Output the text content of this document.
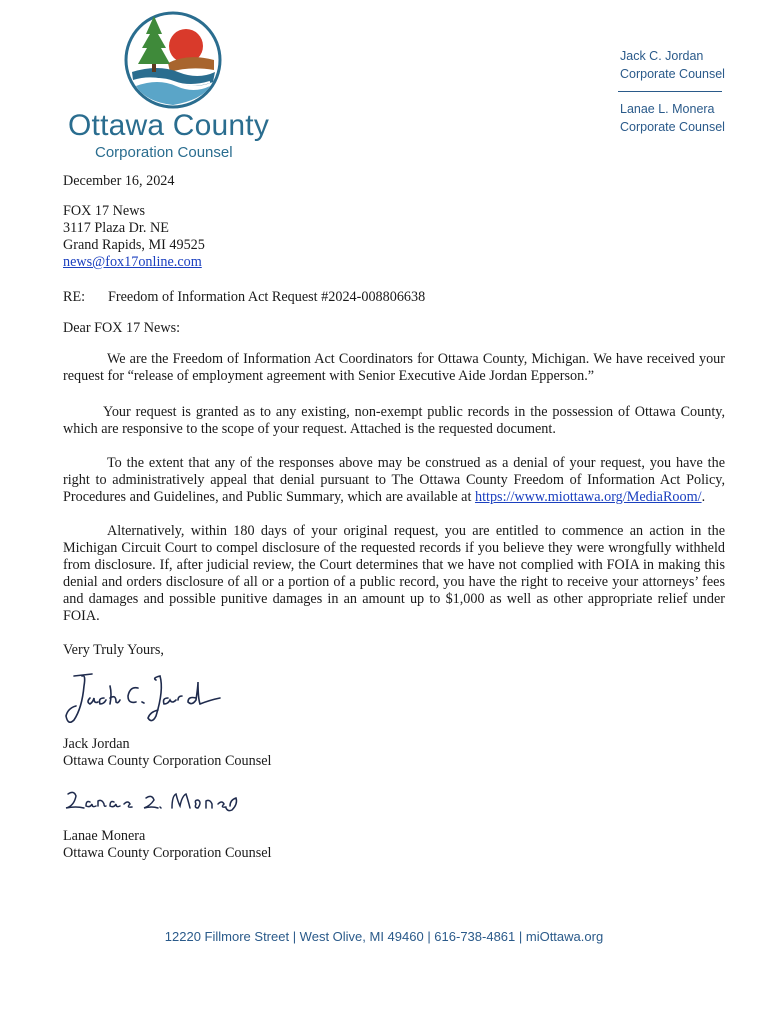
Ottawa County
Corporation Counsel
Jack C. Jordan
Corporate Counsel
Lanae L. Monera
Corporate Counsel
December 16, 2024
FOX 17 News
3117 Plaza Dr. NE
Grand Rapids, MI 49525
news@fox17online.com
RE: Freedom of Information Act Request #2024-008806638
Dear FOX 17 News:
We are the Freedom of Information Act Coordinators for Ottawa County, Michigan. We have received your request for “release of employment agreement with Senior Executive Aide Jordan Epperson.”
Your request is granted as to any existing, non-exempt public records in the possession of Ottawa County, which are responsive to the scope of your request. Attached is the requested document.
To the extent that any of the responses above may be construed as a denial of your request, you have the right to administratively appeal that denial pursuant to The Ottawa County Freedom of Information Act Policy, Procedures and Guidelines, and Public Summary, which are available at https://www.miottawa.org/MediaRoom/.
Alternatively, within 180 days of your original request, you are entitled to commence an action in the Michigan Circuit Court to compel disclosure of the requested records if you believe they were wrongfully withheld from disclosure. If, after judicial review, the Court determines that we have not complied with FOIA in making this denial and orders disclosure of all or a portion of a public record, you have the right to receive your attorneys’ fees and damages and possible punitive damages in an amount up to $1,000 as well as other appropriate relief under FOIA.
Very Truly Yours,
Jack Jordan
Ottawa County Corporation Counsel
Lanae Monera
Ottawa County Corporation Counsel
12220 Fillmore Street | West Olive, MI 49460 | 616-738-4861 | miOttawa.org
